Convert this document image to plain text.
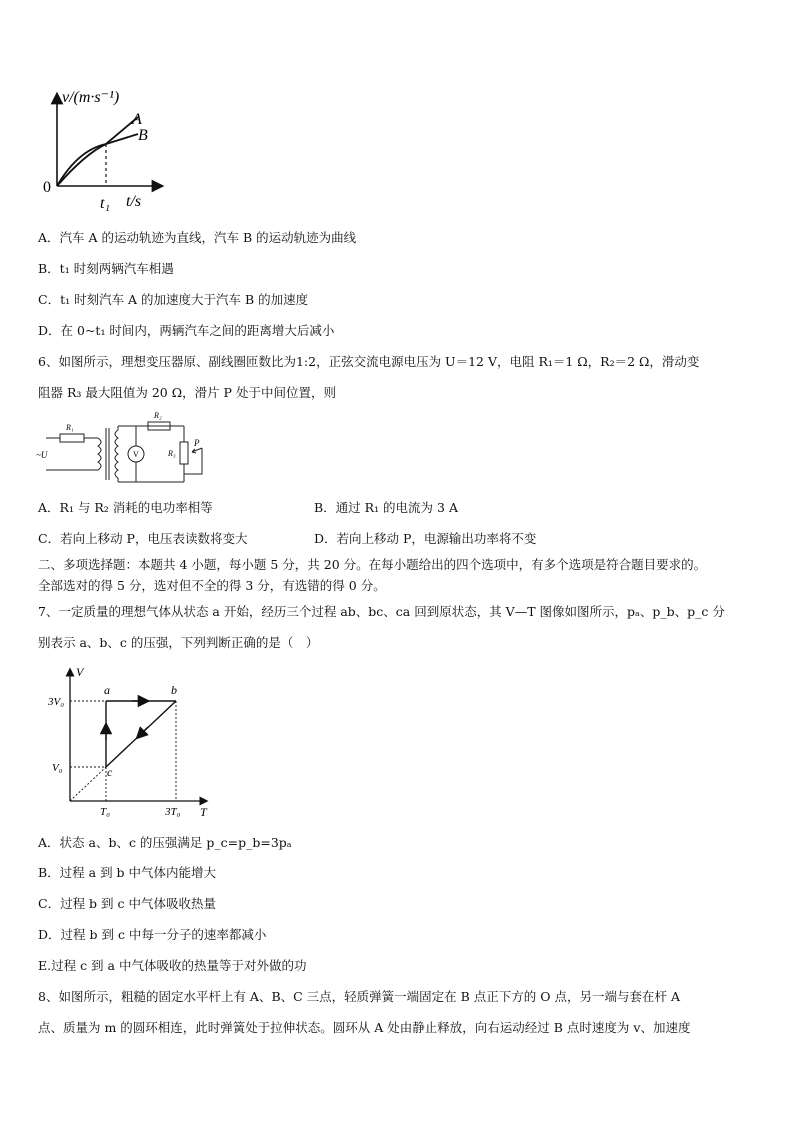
v/(m·s⁻¹)
0
t/s
t₁
A
B
A．汽车 A 的运动轨迹为直线，汽车 B 的运动轨迹为曲线
B．t₁ 时刻两辆汽车相遇
C．t₁ 时刻汽车 A 的加速度大于汽车 B 的加速度
D．在 0~t₁ 时间内，两辆汽车之间的距离增大后减小
6、如图所示，理想变压器原、副线圈匝数比为1:2，正弦交流电源电压为 U＝12 V，电阻 R₁＝1 Ω，R₂＝2 Ω，滑动变
阻器 R₃ 最大阻值为 20 Ω，滑片 P 处于中间位置，则
R₁
~U	V
R₂
R₃
P
A．R₁ 与 R₂ 消耗的电功率相等	B．通过 R₁ 的电流为 3 A
C．若向上移动 P，电压表读数将变大	D．若向上移动 P，电源输出功率将不变
二、多项选择题：本题共 4 小题，每小题 5 分，共 20 分。在每小题给出的四个选项中，有多个选项是符合题目要求的。
全部选对的得 5 分，选对但不全的得 3 分，有选错的得 0 分。
7、一定质量的理想气体从状态 a 开始，经历三个过程 ab、bc、ca 回到原状态，其 V—T 图像如图所示，pₐ、p_b、p_c 分
别表示 a、b、c 的压强，下列判断正确的是（　）
V
T
3V₀
V₀
T₀	3T₀
a	b
c
A．状态 a、b、c 的压强满足 p_c=p_b=3pₐ
B．过程 a 到 b 中气体内能增大
C．过程 b 到 c 中气体吸收热量
D．过程 b 到 c 中每一分子的速率都减小
E.过程 c 到 a 中气体吸收的热量等于对外做的功
8、如图所示，粗糙的固定水平杆上有 A、B、C 三点，轻质弹簧一端固定在 B 点正下方的 O 点，另一端与套在杆 A
点、质量为 m 的圆环相连，此时弹簧处于拉伸状态。圆环从 A 处由静止释放，向右运动经过 B 点时速度为 v、加速度
